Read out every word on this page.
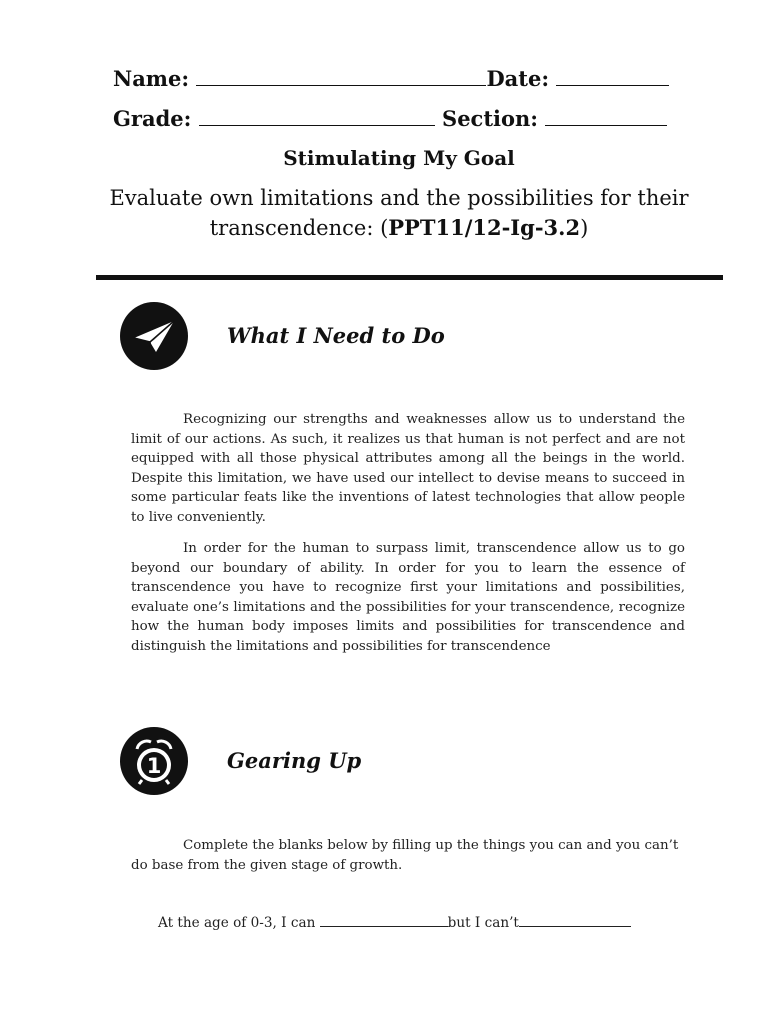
Name:	Date:
Grade:	Section:
Stimulating My Goal
Evaluate own limitations and the possibilities for their transcendence: (PPT11/12-Ig-3.2)
What I Need to Do
Recognizing our strengths and weaknesses allow us to understand the limit of our actions. As such, it realizes us that human is not perfect and are not equipped with all those physical attributes among all the beings in the world. Despite this limitation, we have used our intellect to devise means to succeed in some particular feats like the inventions of latest technologies that allow people to live conveniently.
In order for the human to surpass limit, transcendence allow us to go beyond our boundary of ability. In order for you to learn the essence of transcendence you have to recognize first your limitations and possibilities, evaluate one’s limitations and the possibilities for your transcendence, recognize how the human body imposes limits and possibilities for transcendence and distinguish the limitations and possibilities for transcendence
1	Gearing Up
Complete the blanks below by filling up the things you can and you can’t do base from the given stage of growth.
At the age of 0-3, I can	but I can’t
